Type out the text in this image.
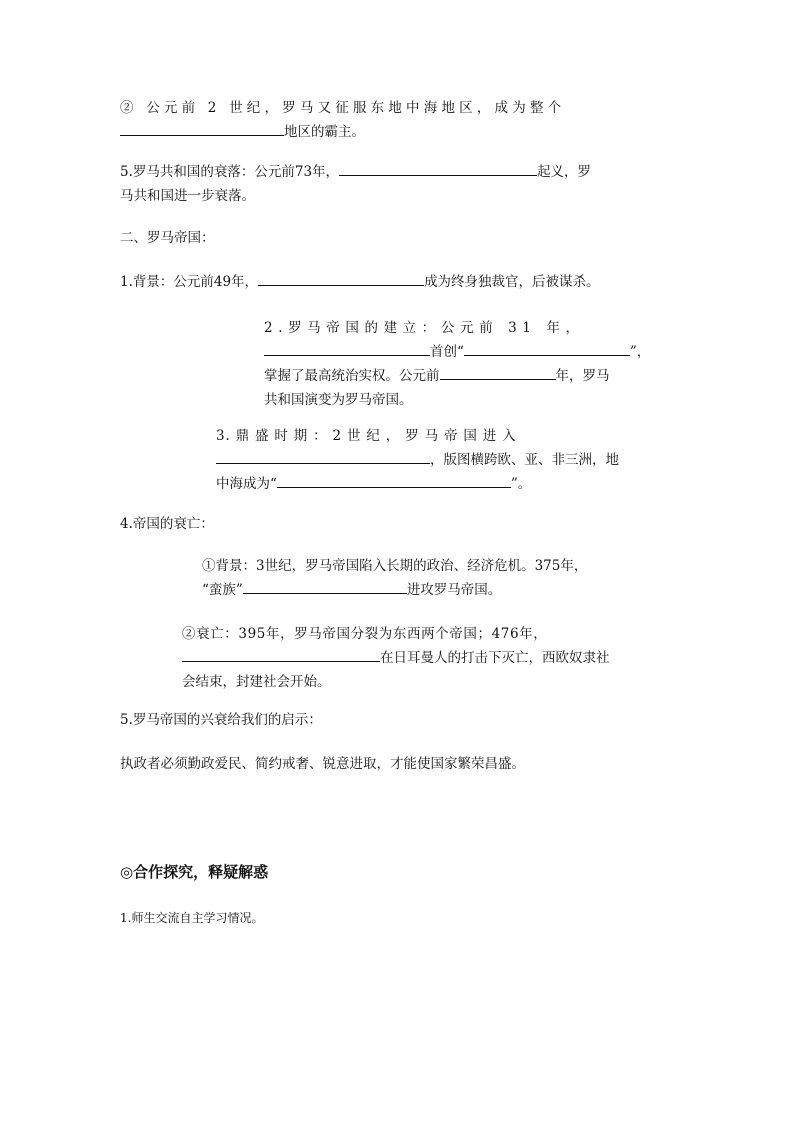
② 公元前 2 世纪，罗马又征服东地中海地区，成为整个
地区的霸主。
5.罗马共和国的衰落：公元前73年，	起义，罗
马共和国进一步衰落。
二、罗马帝国：
1.背景：公元前49年，	成为终身独裁官，后被谋杀。
2.罗马帝国的建立：公元前 31 年，
首创“	”，
掌握了最高统治实权。公元前	年，罗马
共和国演变为罗马帝国。
3. 鼎 盛 时 期 ： 2 世 纪 ， 罗 马 帝 国 进 入
，版图横跨欧、亚、非三洲，地
中海成为“	”。
4.帝国的衰亡：
①背景：3世纪，罗马帝国陷入长期的政治、经济危机。375年，
“蛮族”	进攻罗马帝国。
②衰亡：395年，罗马帝国分裂为东西两个帝国；476年，
在日耳曼人的打击下灭亡，西欧奴隶社
会结束，封建社会开始。
5.罗马帝国的兴衰给我们的启示：
执政者必须勤政爱民、简约戒奢、锐意进取，才能使国家繁荣昌盛。
◎合作探究，释疑解惑
1.师生交流自主学习情况。
